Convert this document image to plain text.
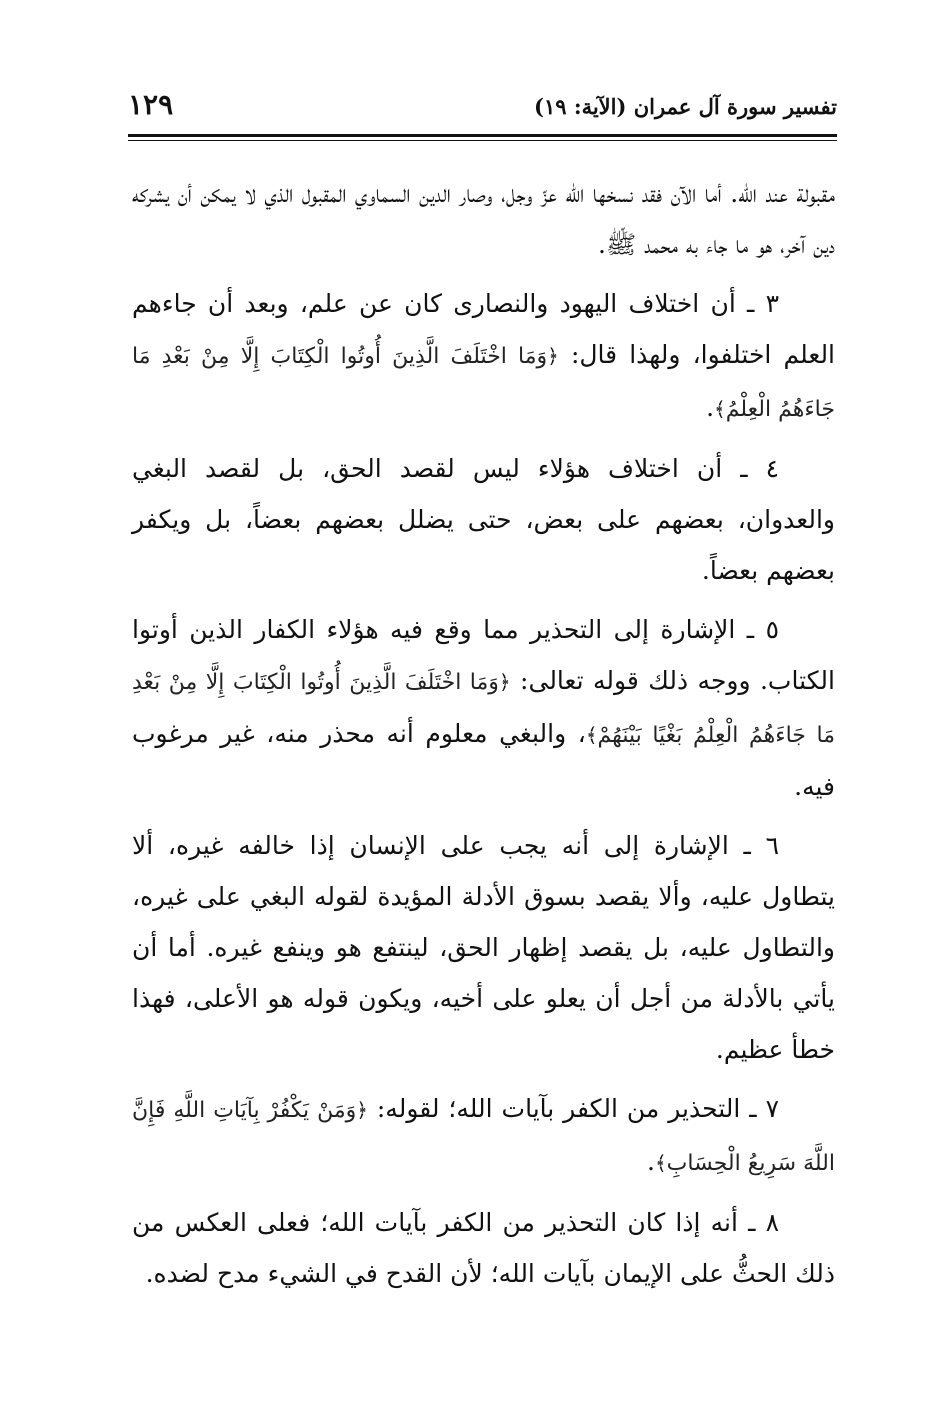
تفسير سورة آل عمران (الآية: ١٩)
١٢٩

مقبولة عند الله. أما الآن فقد نسخها الله عزّ وجل، وصار الدين السماوي المقبول الذي لا يمكن أن يشركه دين آخر، هو ما جاء به محمد ﷺ.

٣ ـ أن اختلاف اليهود والنصارى كان عن علم، وبعد أن جاءهم العلم اختلفوا، ولهذا قال: ﴿وَمَا اخْتَلَفَ الَّذِينَ أُوتُوا الْكِتَابَ إِلَّا مِنْ بَعْدِ مَا جَاءَهُمُ الْعِلْمُ﴾.

٤ ـ أن اختلاف هؤلاء ليس لقصد الحق، بل لقصد البغي والعدوان، بعضهم على بعض، حتى يضلل بعضهم بعضاً، بل ويكفر بعضهم بعضاً.

٥ ـ الإشارة إلى التحذير مما وقع فيه هؤلاء الكفار الذين أوتوا الكتاب. ووجه ذلك قوله تعالى: ﴿وَمَا اخْتَلَفَ الَّذِينَ أُوتُوا الْكِتَابَ إِلَّا مِنْ بَعْدِ مَا جَاءَهُمُ الْعِلْمُ بَغْيًا بَيْنَهُمْ﴾، والبغي معلوم أنه محذر منه، غير مرغوب فيه.

٦ ـ الإشارة إلى أنه يجب على الإنسان إذا خالفه غيره، ألا يتطاول عليه، وألا يقصد بسوق الأدلة المؤيدة لقوله البغي على غيره، والتطاول عليه، بل يقصد إظهار الحق، لينتفع هو وينفع غيره. أما أن يأتي بالأدلة من أجل أن يعلو على أخيه، ويكون قوله هو الأعلى، فهذا خطأ عظيم.

٧ ـ التحذير من الكفر بآيات الله؛ لقوله: ﴿وَمَنْ يَكْفُرْ بِآيَاتِ اللَّهِ فَإِنَّ اللَّهَ سَرِيعُ الْحِسَابِ﴾.

٨ ـ أنه إذا كان التحذير من الكفر بآيات الله؛ فعلى العكس من ذلك الحثُّ على الإيمان بآيات الله؛ لأن القدح في الشيء مدح لضده.
